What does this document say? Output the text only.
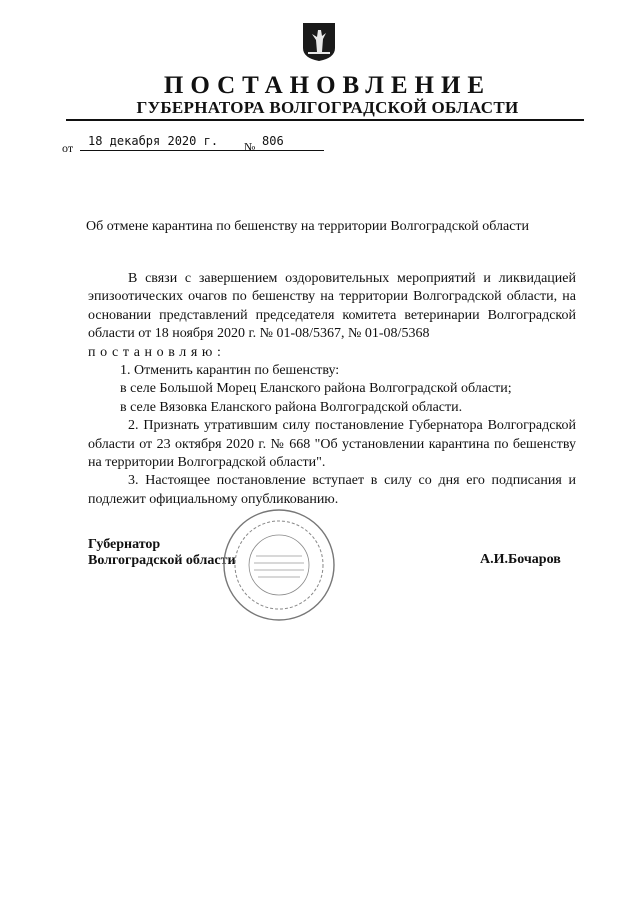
ПОСТАНОВЛЕНИЕ
ГУБЕРНАТОРА ВОЛГОГРАДСКОЙ ОБЛАСТИ
от	18 декабря 2020 г.	№ 806
Об отмене карантина по бешенству на территории Волгоградской области

В связи с завершением оздоровительных мероприятий и ликвидацией эпизоотических очагов по бешенству на территории Волгоградской области, на основании представлений председателя комитета ветеринарии Волгоградской области от 18 ноября 2020 г. № 01-08/5367, № 01-08/5368

постановляю:

1. Отменить карантин по бешенству:

в селе Большой Морец Еланского района Волгоградской области;

в селе Вязовка Еланского района Волгоградской области.

2. Признать утратившим силу постановление Губернатора Волгоградской области от 23 октября 2020 г. № 668 "Об установлении карантина по бешенству на территории Волгоградской области".

3. Настоящее постановление вступает в силу со дня его подписания и подлежит официальному опубликованию.

Губернатор
Волгоградской области	А.И.Бочаров
